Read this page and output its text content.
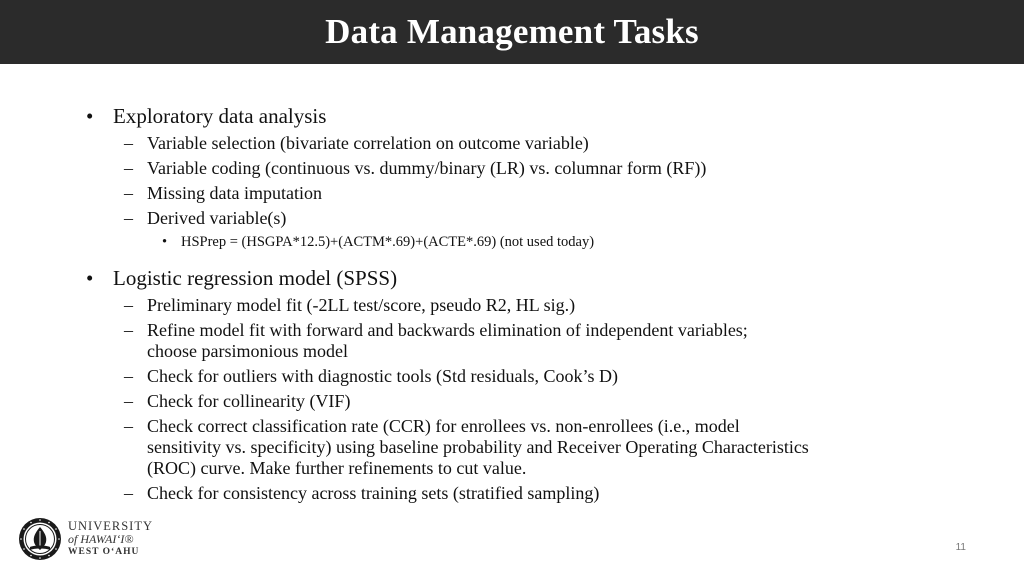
Data Management Tasks
• Exploratory data analysis
– Variable selection (bivariate correlation on outcome variable)
– Variable coding (continuous vs. dummy/binary (LR) vs. columnar form (RF))
– Missing data imputation
– Derived variable(s)
• HSPrep = (HSGPA*12.5)+(ACTM*.69)+(ACTE*.69) (not used today)
• Logistic regression model (SPSS)
– Preliminary model fit (-2LL test/score, pseudo R2, HL sig.)
– Refine model fit with forward and backwards elimination of independent variables;
choose parsimonious model
– Check for outliers with diagnostic tools (Std residuals, Cook’s D)
– Check for collinearity (VIF)
– Check correct classification rate (CCR) for enrollees vs. non-enrollees (i.e., model
sensitivity vs. specificity) using baseline probability and Receiver Operating Characteristics
(ROC) curve. Make further refinements to cut value.
– Check for consistency across training sets (stratified sampling)
UNIVERSITY
of HAWAI‘I®
WEST O‘AHU	11
